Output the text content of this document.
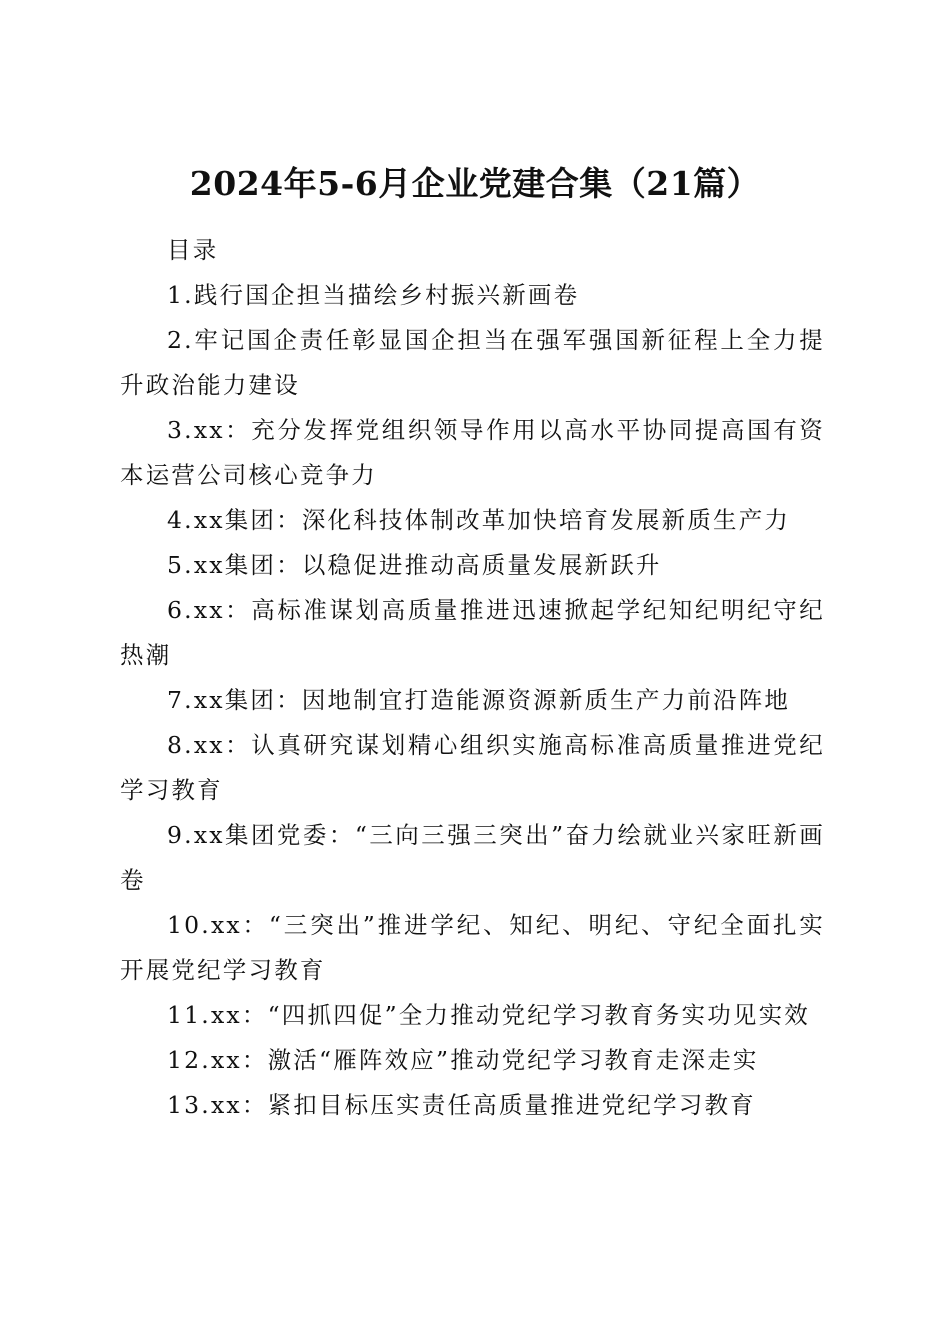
2024年5-6月企业党建合集（21篇）

目录

1.践行国企担当描绘乡村振兴新画卷

2.牢记国企责任彰显国企担当在强军强国新征程上全力提升政治能力建设

3.xx：充分发挥党组织领导作用以高水平协同提高国有资本运营公司核心竞争力

4.xx集团：深化科技体制改革加快培育发展新质生产力

5.xx集团：以稳促进推动高质量发展新跃升

6.xx：高标准谋划高质量推进迅速掀起学纪知纪明纪守纪热潮

7.xx集团：因地制宜打造能源资源新质生产力前沿阵地

8.xx：认真研究谋划精心组织实施高标准高质量推进党纪学习教育

9.xx集团党委：“三向三强三突出”奋力绘就业兴家旺新画卷

10.xx：“三突出”推进学纪、知纪、明纪、守纪全面扎实开展党纪学习教育

11.xx：“四抓四促”全力推动党纪学习教育务实功见实效

12.xx：激活“雁阵效应”推动党纪学习教育走深走实

13.xx：紧扣目标压实责任高质量推进党纪学习教育
